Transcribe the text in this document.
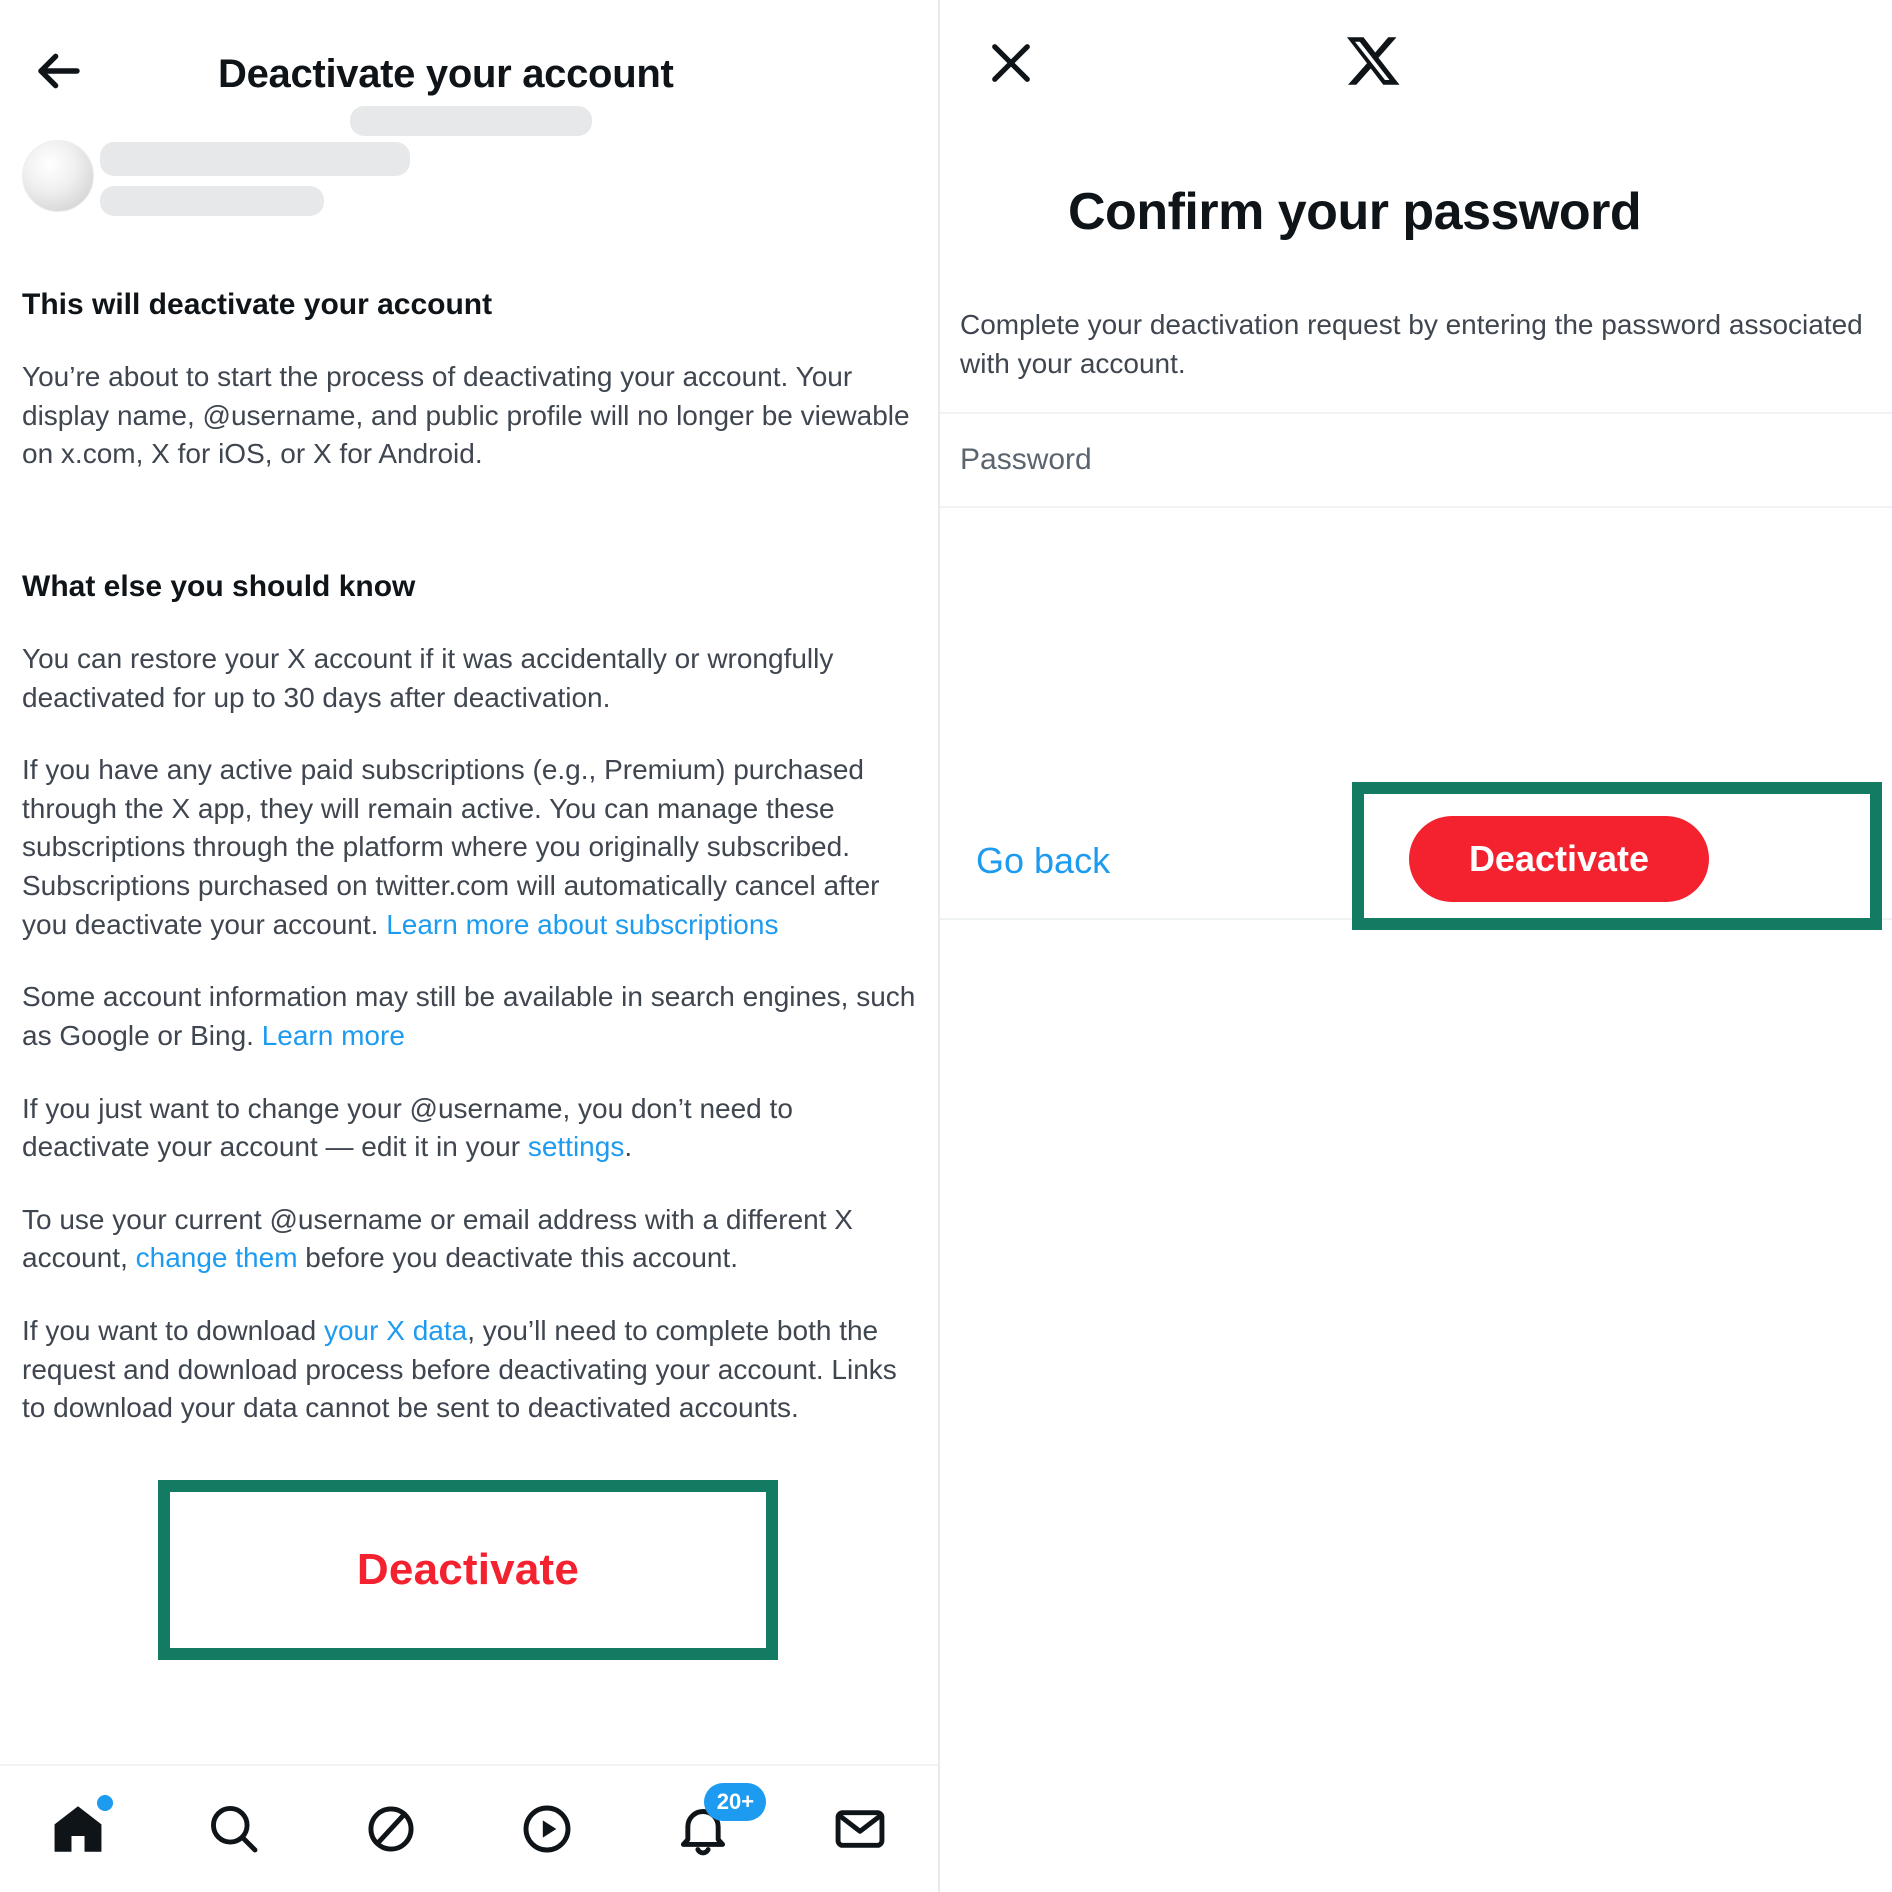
Deactivate your account
This will deactivate your account

You’re about to start the process of deactivating your account. Your display name, @username, and public profile will no longer be viewable on x.com, X for iOS, or X for Android.

What else you should know

You can restore your X account if it was accidentally or wrongfully deactivated for up to 30 days after deactivation.

If you have any active paid subscriptions (e.g., Premium) purchased through the X app, they will remain active. You can manage these subscriptions through the platform where you originally subscribed. Subscriptions purchased on twitter.com will automatically cancel after you deactivate your account. Learn more about subscriptions

Some account information may still be available in search engines, such as Google or Bing. Learn more

If you just want to change your @username, you don’t need to deactivate your account — edit it in your settings.

To use your current @username or email address with a different X account, change them before you deactivate this account.

If you want to download your X data, you’ll need to complete both the request and download process before deactivating your account. Links to download your data cannot be sent to deactivated accounts.

Deactivate
20+
Confirm your password
Complete your deactivation request by entering the password associated with your account.
Password
Go back	Deactivate
